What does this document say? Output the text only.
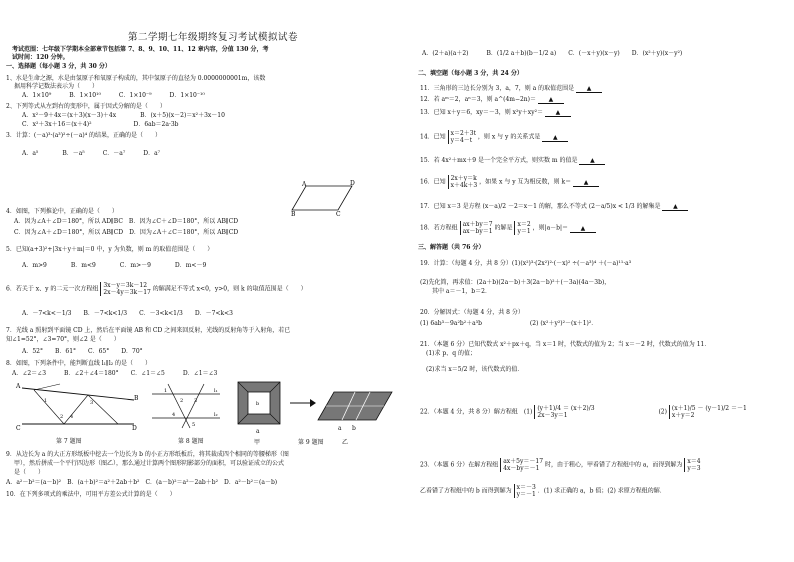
第二学期七年级期终复习考试模拟试卷
考试范围：七年级下学期本全部章节包括第 7、8、9、10、11、12 章内容，分值 130 分，考
试时间：120 分钟。
一、选择题（每小题 3 分，共 30 分）
1、水是生命之源，水是由氢原子和氧原子构成的，其中氢原子的直径为 0.0000000001m，该数
据用科学记数法表示为（　　）
A．1×10⁹　　　B．1×10¹⁰　　　C．1×10⁻⁹　　　D．1×10⁻¹⁰
2、下列等式从左到右的变形中，属于因式分解的是（　　）
A．x²－9＋4x＝(x＋3)(x－3)＋4x　　　　B．(x＋5)(x－2)＝x²＋3x－10
C．x²＋3x＋16＝(x＋4)²　　　　　　　D．6ab＝2a·3b
3．计算：(－a)³·(a³)²÷(－a)⁴ 的结果，正确的是（　　）
A．a⁵　　　　B．－a⁵　　　C．－a⁷　　　D．a⁷
A	D
B	C
4．如图，下列推论中，正确的是（　　）
A．因为∠A＋∠D＝180°，所以 AD∥BC　B．因为∠C＋∠D＝180°，所以 AB∥CD
C．因为∠A＋∠D＝180°，所以 AB∥CD　D．因为∠A＋∠C＝180°，所以 AB∥CD
5．已知(a+3)²+|3x＋y＋m|＝0 中，y 为负数，则 m 的取值范围是（　　）
A．m>9　　　　B．m<9　　　　C．m>－9　　　　D．m<－9
6．若关于 x、y 的二元一次方程组 3x－y＝3k－12
2x－4y＝3k－17 的解满足不等式 x<0，y>0，则 k 的取值范围是（　　）
A．－7<k<－1/3　　B．－7<k<1/3　　C．－3<k<1/3　　D．－7<k<3
7．光线 a 照射到平面镜 CD 上，然后在平面镜 AB 和 CD 之间来回反射，光线的反射角等于入射角，若已
知∠1=52°，∠3=70°，则∠2 是（　　）
A．52°　　B．61°　　C．65°　　D．70°
8．如图，下列条件中，能判断直线 l₁∥l₂ 的是（　　）
A．∠2＝∠3　　　B．∠2＋∠4＝180°　　C．∠1＝∠5　　　D．∠1＝∠3
A
B
C	D
1
2
3
4
第 7 题图
l₁
l₂
1
2 3
4
5
第 8 题图
b
a
甲	第 9 题图
a b
乙
9．从边长为 a 的大正方形纸板中挖去一个边长为 b 的小正方形纸板后，将其裁成四个相同的等腰梯形（图
甲），然后拼成一个平行四边形（图乙），那么通过计算两个图形阴影部分的面积，可以验证成立的公式
是（　　）
A．a²－b²＝(a－b)²　B．(a＋b)²＝a²＋2ab＋b²　C．(a－b)²＝a²－2ab＋b²　D．a²－b²＝(a－b)
10．在下列多项式的乘法中，可用平方差公式计算的是（　　）
A．(2＋a)(a＋2)　　　B．(1/2 a＋b)(b－1/2 a)　　C．(－x＋y)(x－y)　　D．(x²＋y)(x－y²)
二、填空题（每小题 3 分，共 24 分）
11．三角形的三边长分别为 3，a，7，则 a 的取值范围是 ▲
12．若 aᵐ＝2，aⁿ＝3，则 a^(4m−2n)＝ ▲
13．已知 x＋y＝6，xy＝－3，则 x²y＋xy²＝ ▲
14．已知 x＝2＋3t
y＝4－t ，则 x 与 y 的关系式是 ▲
15．若 4x²＋mx＋9 是一个完全平方式，则实数 m 的值是 ▲
16．已知 2x＋y＝k
x＋4k＋3 ，如果 x 与 y 互为相反数，则 k＝ ▲
17．已知 x＝3 是方程 (x－a)/2 －2＝x－1 的解，那么不等式 (2－a/5)x < 1/3 的解集是 ▲
18．若方程组 ax＋by＝7
ax－by＝1 的解是 x＝2
y＝1 ，则|a－b|＝ ▲
三、解答题（共 76 分）
19．计算：（每题 4 分，共 8 分）(1)(x²)³·(2x²)²·(－x)² ÷(－a³)⁴ ＋(－a)¹¹·a³
(2)先化简，再求值：(2a＋b)(2a－b)＋3(2a－b)²＋(－3a)(4a－3b)，
　　其中 a＝－1，b＝2．
20．分解因式：（每题 4 分，共 8 分）
(1) 6ab³－9a²b²＋a³b　　　　　　　　(2) (x²＋y²)²－(x＋1)²．
21．（本题 6 分）已知代数式 x²＋px＋q，当 x＝1 时，代数式的值为 2；当 x＝－2 时，代数式的值为 11．
　(1)求 p、q 的值；
　(2)求当 x＝5/2 时，该代数式的值．
22．（本题 4 分，共 8 分）解方程组　(1) (y＋1)/4 ＝ (x＋2)/3
2x－3y＝1	(2) (x＋1)/5 － (y－1)/2 ＝－1
x＋y＝2
23．（本题 6 分）在解方程组 ax＋5y＝－17
4x－by＝－1 时，由于粗心，甲看错了方程组中的 a，而得到解为 x＝4
y＝3
乙看错了方程组中的 b 而得到解为 x＝－3
y＝－1 ．(1) 求正确的 a，b 值；(2) 求原方程组的解．
